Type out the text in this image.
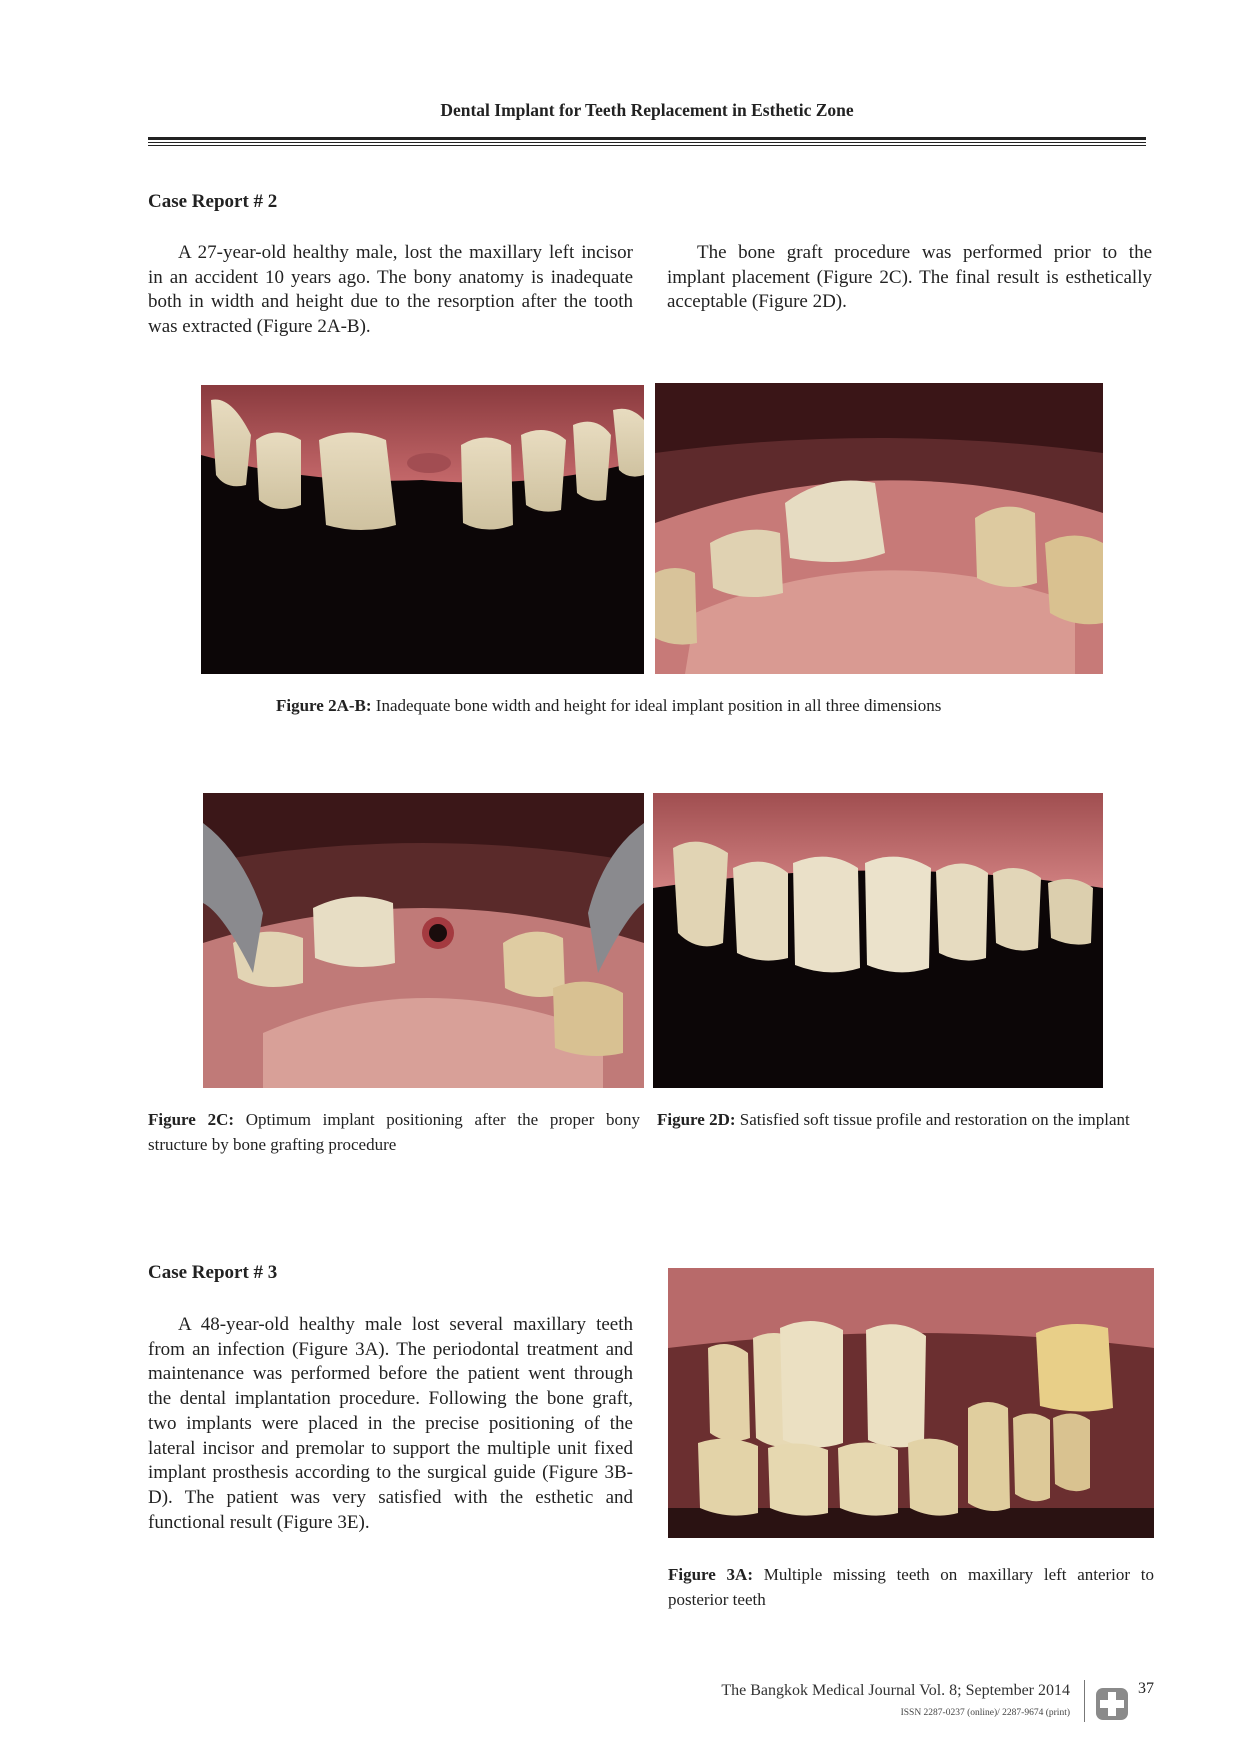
Dental Implant for Teeth Replacement in Esthetic Zone
Case Report # 2

A 27-year-old healthy male, lost the maxillary left incisor in an accident 10 years ago. The bony anatomy is inadequate both in width and height due to the resorption after the tooth was extracted (Figure 2A-B).

The bone graft procedure was performed prior to the implant placement (Figure 2C). The final result is esthetically acceptable (Figure 2D).

Figure 2A-B: Inadequate bone width and height for ideal implant position in all three dimensions
Figure 2C: Optimum implant positioning after the proper bony structure by bone grafting procedure
Figure 2D: Satisfied soft tissue profile and restoration on the implant
Case Report # 3

A 48-year-old healthy male lost several maxillary teeth from an infection (Figure 3A). The periodontal treatment and maintenance was performed before the patient went through the dental implantation procedure. Following the bone graft, two implants were placed in the precise positioning of the lateral incisor and premolar to support the multiple unit fixed implant prosthesis according to the surgical guide (Figure 3B-D). The patient was very satisfied with the esthetic and functional result (Figure 3E).

Figure 3A: Multiple missing teeth on maxillary left anterior to posterior teeth
The Bangkok Medical Journal Vol. 8; September 2014
ISSN 2287-0237 (online)/ 2287-9674 (print)
37
